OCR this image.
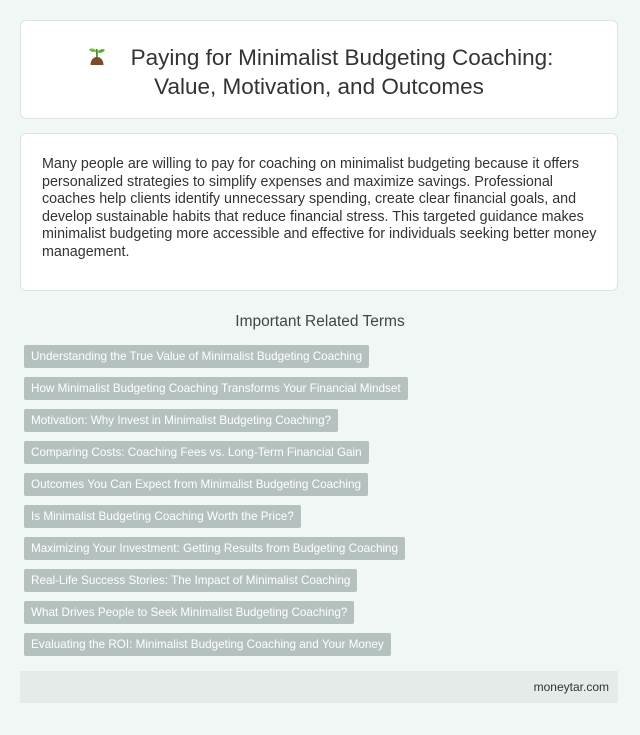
Paying for Minimalist Budgeting Coaching:
Value, Motivation, and Outcomes

Many people are willing to pay for coaching on minimalist budgeting because it offers personalized strategies to simplify expenses and maximize savings. Professional coaches help clients identify unnecessary spending, create clear financial goals, and develop sustainable habits that reduce financial stress. This targeted guidance makes minimalist budgeting more accessible and effective for individuals seeking better money management.

Important Related Terms
Understanding the True Value of Minimalist Budgeting Coaching
How Minimalist Budgeting Coaching Transforms Your Financial Mindset
Motivation: Why Invest in Minimalist Budgeting Coaching?
Comparing Costs: Coaching Fees vs. Long-Term Financial Gain
Outcomes You Can Expect from Minimalist Budgeting Coaching
Is Minimalist Budgeting Coaching Worth the Price?
Maximizing Your Investment: Getting Results from Budgeting Coaching
Real-Life Success Stories: The Impact of Minimalist Coaching
What Drives People to Seek Minimalist Budgeting Coaching?
Evaluating the ROI: Minimalist Budgeting Coaching and Your Money
moneytar.com
